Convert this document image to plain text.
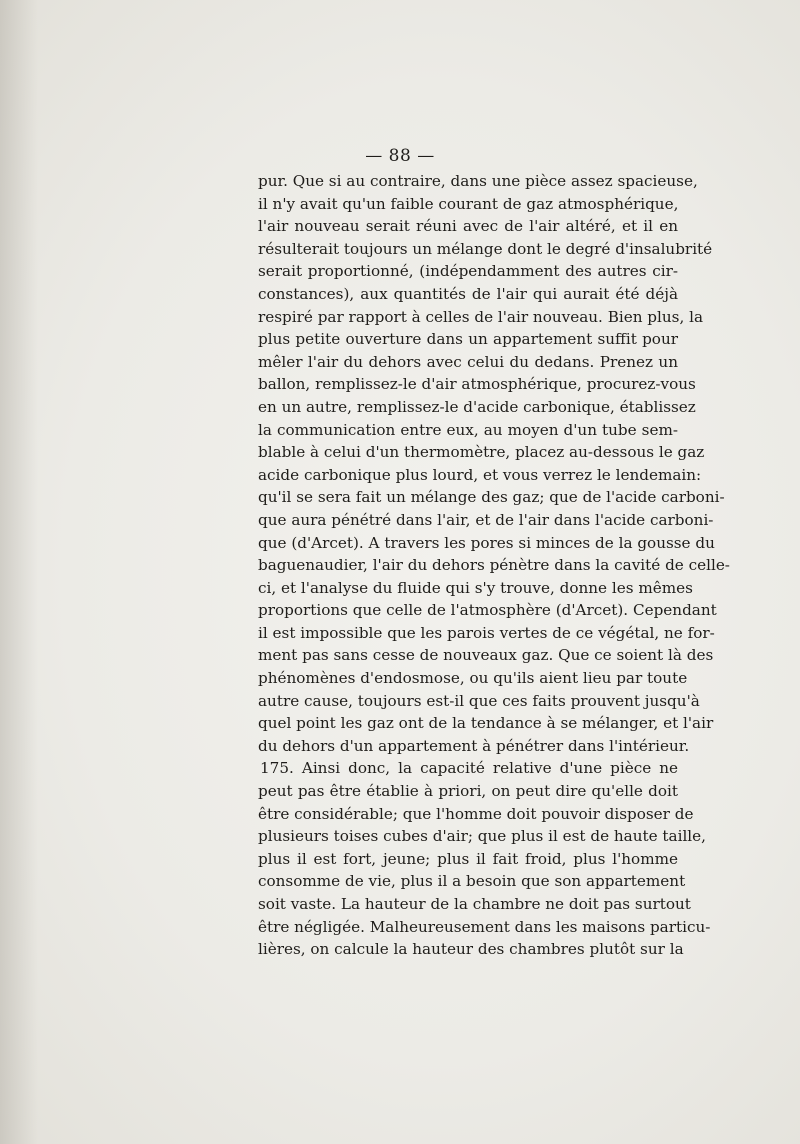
— 88 —
pur. Que si au contraire, dans une pièce assez spacieuse,
il n'y avait qu'un faible courant de gaz atmosphérique,
l'air nouveau serait réuni avec de l'air altéré, et il en
résulterait toujours un mélange dont le degré d'insalubrité
serait proportionné, (indépendamment des autres cir-
constances), aux quantités de l'air qui aurait été déjà
respiré par rapport à celles de l'air nouveau. Bien plus, la
plus petite ouverture dans un appartement suffit pour
mêler l'air du dehors avec celui du dedans. Prenez un
ballon, remplissez-le d'air atmosphérique, procurez-vous
en un autre, remplissez-le d'acide carbonique, établissez
la communication entre eux, au moyen d'un tube sem-
blable à celui d'un thermomètre, placez au-dessous le gaz
acide carbonique plus lourd, et vous verrez le lendemain:
qu'il se sera fait un mélange des gaz; que de l'acide carboni-
que aura pénétré dans l'air, et de l'air dans l'acide carboni-
que (d'Arcet). A travers les pores si minces de la gousse du
baguenaudier, l'air du dehors pénètre dans la cavité de celle-
ci, et l'analyse du fluide qui s'y trouve, donne les mêmes
proportions que celle de l'atmosphère (d'Arcet). Cependant
il est impossible que les parois vertes de ce végétal, ne for-
ment pas sans cesse de nouveaux gaz. Que ce soient là des
phénomènes d'endosmose, ou qu'ils aient lieu par toute
autre cause, toujours est-il que ces faits prouvent jusqu'à
quel point les gaz ont de la tendance à se mélanger, et l'air
du dehors d'un appartement à pénétrer dans l'intérieur.
175. Ainsi donc, la capacité relative d'une pièce ne
peut pas être établie à priori, on peut dire qu'elle doit
être considérable; que l'homme doit pouvoir disposer de
plusieurs toises cubes d'air; que plus il est de haute taille,
plus il est fort, jeune; plus il fait froid, plus l'homme
consomme de vie, plus il a besoin que son appartement
soit vaste. La hauteur de la chambre ne doit pas surtout
être négligée. Malheureusement dans les maisons particu-
lières, on calcule la hauteur des chambres plutôt sur la
